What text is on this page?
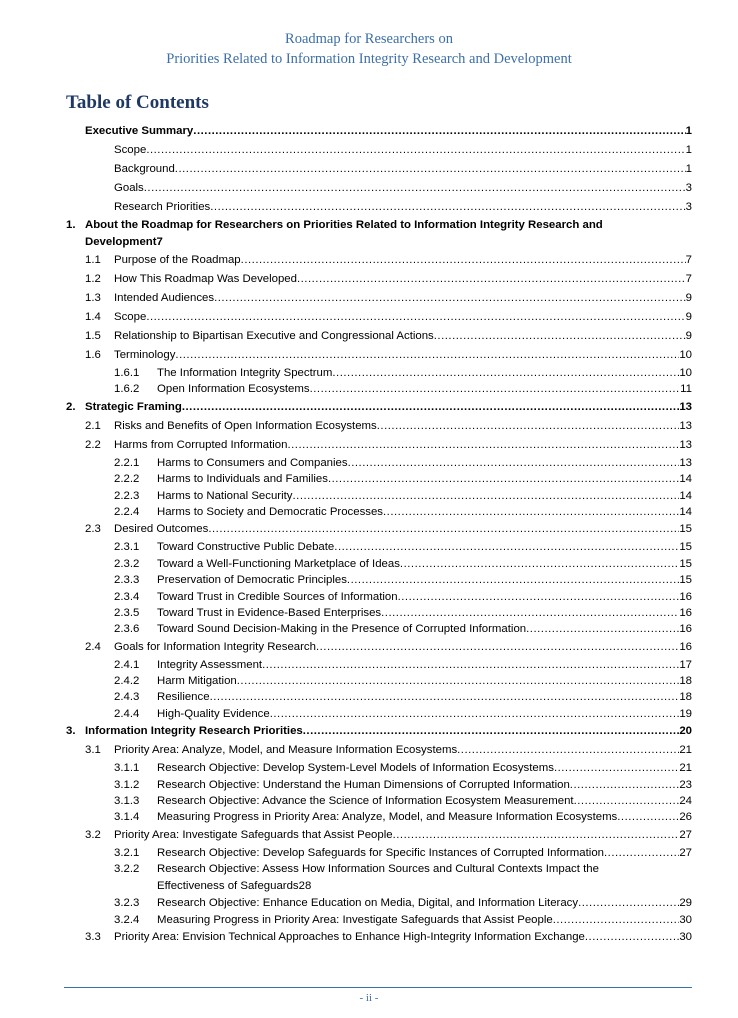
Roadmap for Researchers on
Priorities Related to Information Integrity Research and Development
Table of Contents
Executive Summary .....	1
Scope .....	1
Background .....	1
Goals .....	3
Research Priorities .....	3
1. About the Roadmap for Researchers on Priorities Related to Information Integrity Research and
Development 7
1.1	Purpose of the Roadmap .....	7
1.2	How This Roadmap Was Developed .....	7
1.3	Intended Audiences .....	9
1.4	Scope .....	9
1.5	Relationship to Bipartisan Executive and Congressional Actions .....	9
1.6	Terminology .....	10
1.6.1	The Information Integrity Spectrum .....	10
1.6.2	Open Information Ecosystems .....	11
2. Strategic Framing .....	13
2.1	Risks and Benefits of Open Information Ecosystems .....	13
2.2	Harms from Corrupted Information .....	13
2.2.1	Harms to Consumers and Companies .....	13
2.2.2	Harms to Individuals and Families .....	14
2.2.3	Harms to National Security .....	14
2.2.4	Harms to Society and Democratic Processes .....	14
2.3	Desired Outcomes .....	15
2.3.1	Toward Constructive Public Debate .....	15
2.3.2	Toward a Well-Functioning Marketplace of Ideas .....	15
2.3.3	Preservation of Democratic Principles .....	15
2.3.4	Toward Trust in Credible Sources of Information .....	16
2.3.5	Toward Trust in Evidence-Based Enterprises .....	16
2.3.6	Toward Sound Decision-Making in the Presence of Corrupted Information .....	16
2.4	Goals for Information Integrity Research .....	16
2.4.1	Integrity Assessment .....	17
2.4.2	Harm Mitigation .....	18
2.4.3	Resilience .....	18
2.4.4	High-Quality Evidence .....	19
3. Information Integrity Research Priorities .....	20
3.1	Priority Area: Analyze, Model, and Measure Information Ecosystems .....	21
3.1.1	Research Objective: Develop System-Level Models of Information Ecosystems .....	21
3.1.2	Research Objective: Understand the Human Dimensions of Corrupted Information .....	23
3.1.3	Research Objective: Advance the Science of Information Ecosystem Measurement .....	24
3.1.4	Measuring Progress in Priority Area: Analyze, Model, and Measure Information Ecosystems .....	26
3.2	Priority Area: Investigate Safeguards that Assist People .....	27
3.2.1	Research Objective: Develop Safeguards for Specific Instances of Corrupted Information .....	27
3.2.2	Research Objective: Assess How Information Sources and Cultural Contexts Impact the
Effectiveness of Safeguards 28
3.2.3	Research Objective: Enhance Education on Media, Digital, and Information Literacy .....	29
3.2.4	Measuring Progress in Priority Area: Investigate Safeguards that Assist People .....	30
3.3	Priority Area: Envision Technical Approaches to Enhance High-Integrity Information Exchange .....	30
- ii -
